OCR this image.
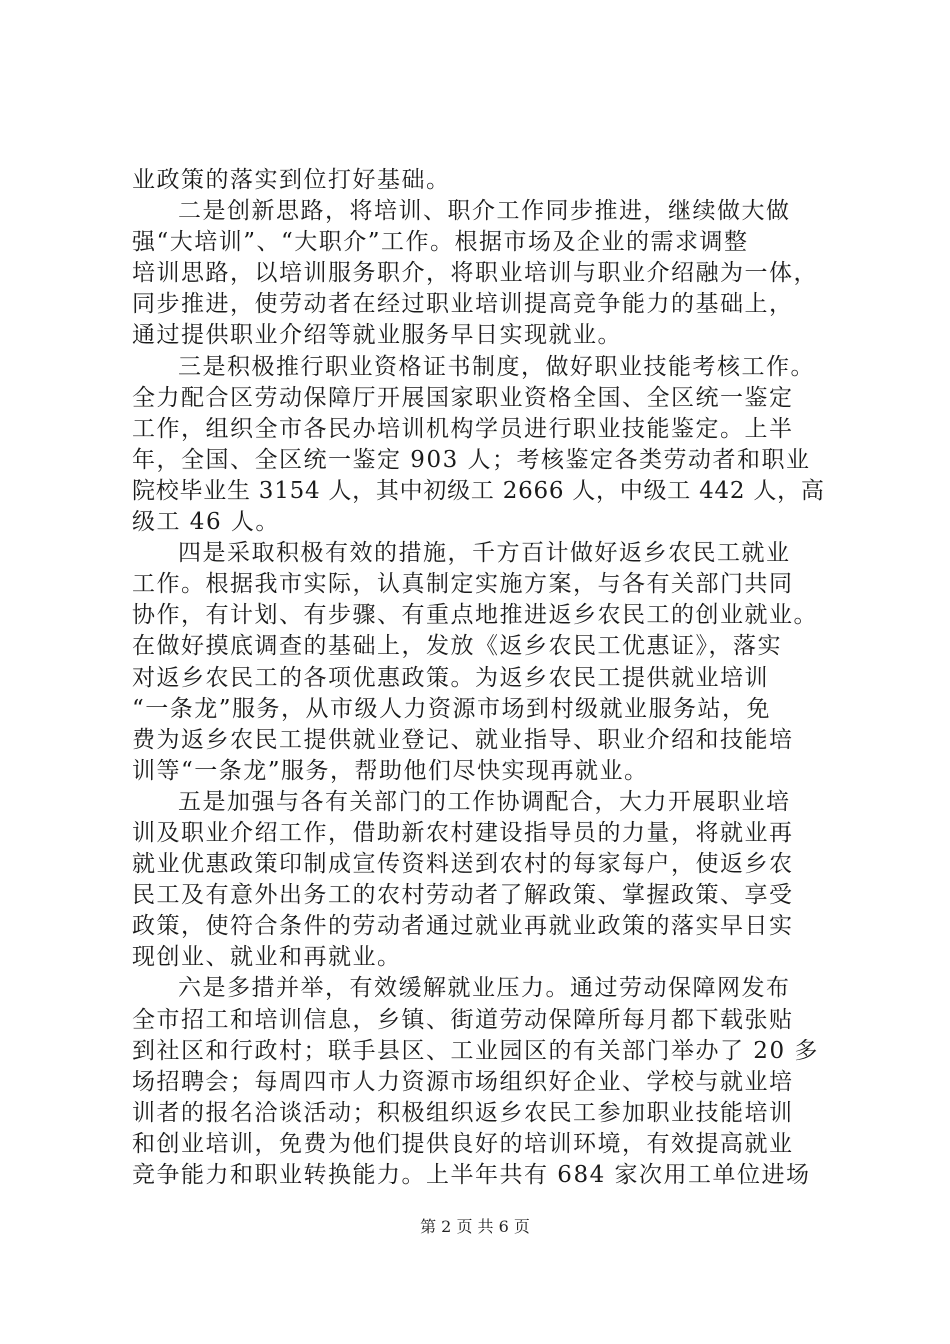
业政策的落实到位打好基础。
二是创新思路，将培训、职介工作同步推进，继续做大做
强“大培训”、“大职介”工作。根据市场及企业的需求调整
培训思路，以培训服务职介，将职业培训与职业介绍融为一体，
同步推进，使劳动者在经过职业培训提高竞争能力的基础上，
通过提供职业介绍等就业服务早日实现就业。
三是积极推行职业资格证书制度，做好职业技能考核工作。
全力配合区劳动保障厅开展国家职业资格全国、全区统一鉴定
工作，组织全市各民办培训机构学员进行职业技能鉴定。上半
年，全国、全区统一鉴定 903 人；考核鉴定各类劳动者和职业
院校毕业生 3154 人，其中初级工 2666 人，中级工 442 人，高
级工 46 人。
四是采取积极有效的措施，千方百计做好返乡农民工就业
工作。根据我市实际，认真制定实施方案，与各有关部门共同
协作，有计划、有步骤、有重点地推进返乡农民工的创业就业。
在做好摸底调查的基础上，发放《返乡农民工优惠证》，落实
对返乡农民工的各项优惠政策。为返乡农民工提供就业培训
“一条龙”服务，从市级人力资源市场到村级就业服务站，免
费为返乡农民工提供就业登记、就业指导、职业介绍和技能培
训等“一条龙”服务，帮助他们尽快实现再就业。
五是加强与各有关部门的工作协调配合，大力开展职业培
训及职业介绍工作，借助新农村建设指导员的力量，将就业再
就业优惠政策印制成宣传资料送到农村的每家每户，使返乡农
民工及有意外出务工的农村劳动者了解政策、掌握政策、享受
政策，使符合条件的劳动者通过就业再就业政策的落实早日实
现创业、就业和再就业。
六是多措并举，有效缓解就业压力。通过劳动保障网发布
全市招工和培训信息，乡镇、街道劳动保障所每月都下载张贴
到社区和行政村；联手县区、工业园区的有关部门举办了 20 多
场招聘会；每周四市人力资源市场组织好企业、学校与就业培
训者的报名洽谈活动；积极组织返乡农民工参加职业技能培训
和创业培训，免费为他们提供良好的培训环境，有效提高就业
竞争能力和职业转换能力。上半年共有 684 家次用工单位进场
第 2 页 共 6 页
